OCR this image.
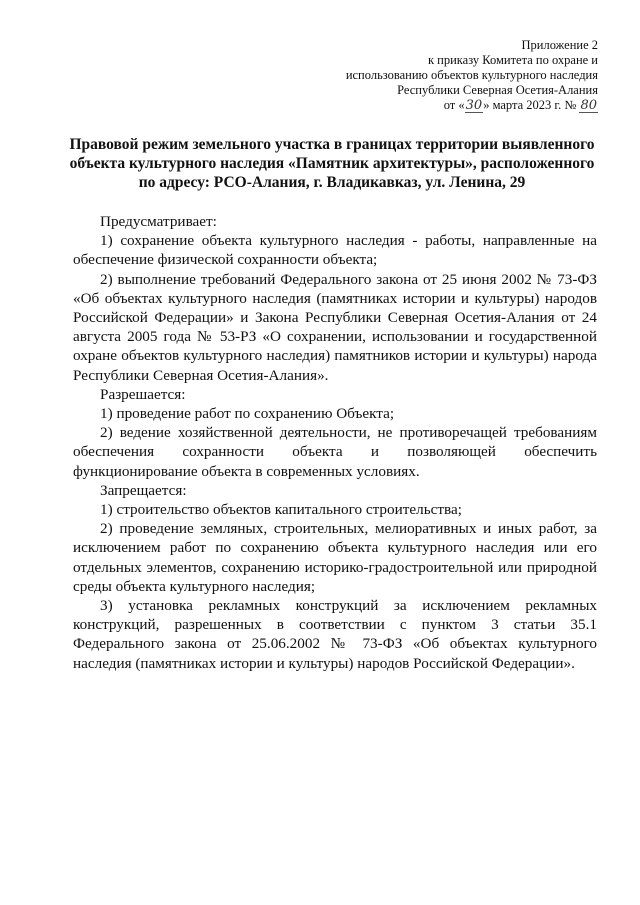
Приложение 2
к приказу Комитета по охране и
использованию объектов культурного наследия
Республики Северная Осетия-Алания
от «30» марта 2023 г. № 80
Правовой режим земельного участка в границах территории выявленного
объекта культурного наследия «Памятник архитектуры», расположенного
по адресу: РСО-Алания, г. Владикавказ, ул. Ленина, 29

Предусматривает:

1) сохранение объекта культурного наследия - работы, направленные на обеспечение физической сохранности объекта;

2) выполнение требований Федерального закона от 25 июня 2002 № 73-ФЗ «Об объектах культурного наследия (памятниках истории и культуры) народов Российской Федерации» и Закона Республики Северная Осетия-Алания от 24 августа 2005 года № 53-РЗ «О сохранении, использовании и государственной охране объектов культурного наследия) памятников истории и культуры) народа Республики Северная Осетия-Алания».

Разрешается:

1) проведение работ по сохранению Объекта;

2) ведение хозяйственной деятельности, не противоречащей требованиям обеспечения сохранности объекта и позволяющей обеспечить функционирование объекта в современных условиях.

Запрещается:

1) строительство объектов капитального строительства;

2) проведение земляных, строительных, мелиоративных и иных работ, за исключением работ по сохранению объекта культурного наследия или его отдельных элементов, сохранению историко-градостроительной или природной среды объекта культурного наследия;

3) установка рекламных конструкций за исключением рекламных конструкций, разрешенных в соответствии с пунктом 3 статьи 35.1 Федерального закона от 25.06.2002 № 73-ФЗ «Об объектах культурного наследия (памятниках истории и культуры) народов Российской Федерации».
